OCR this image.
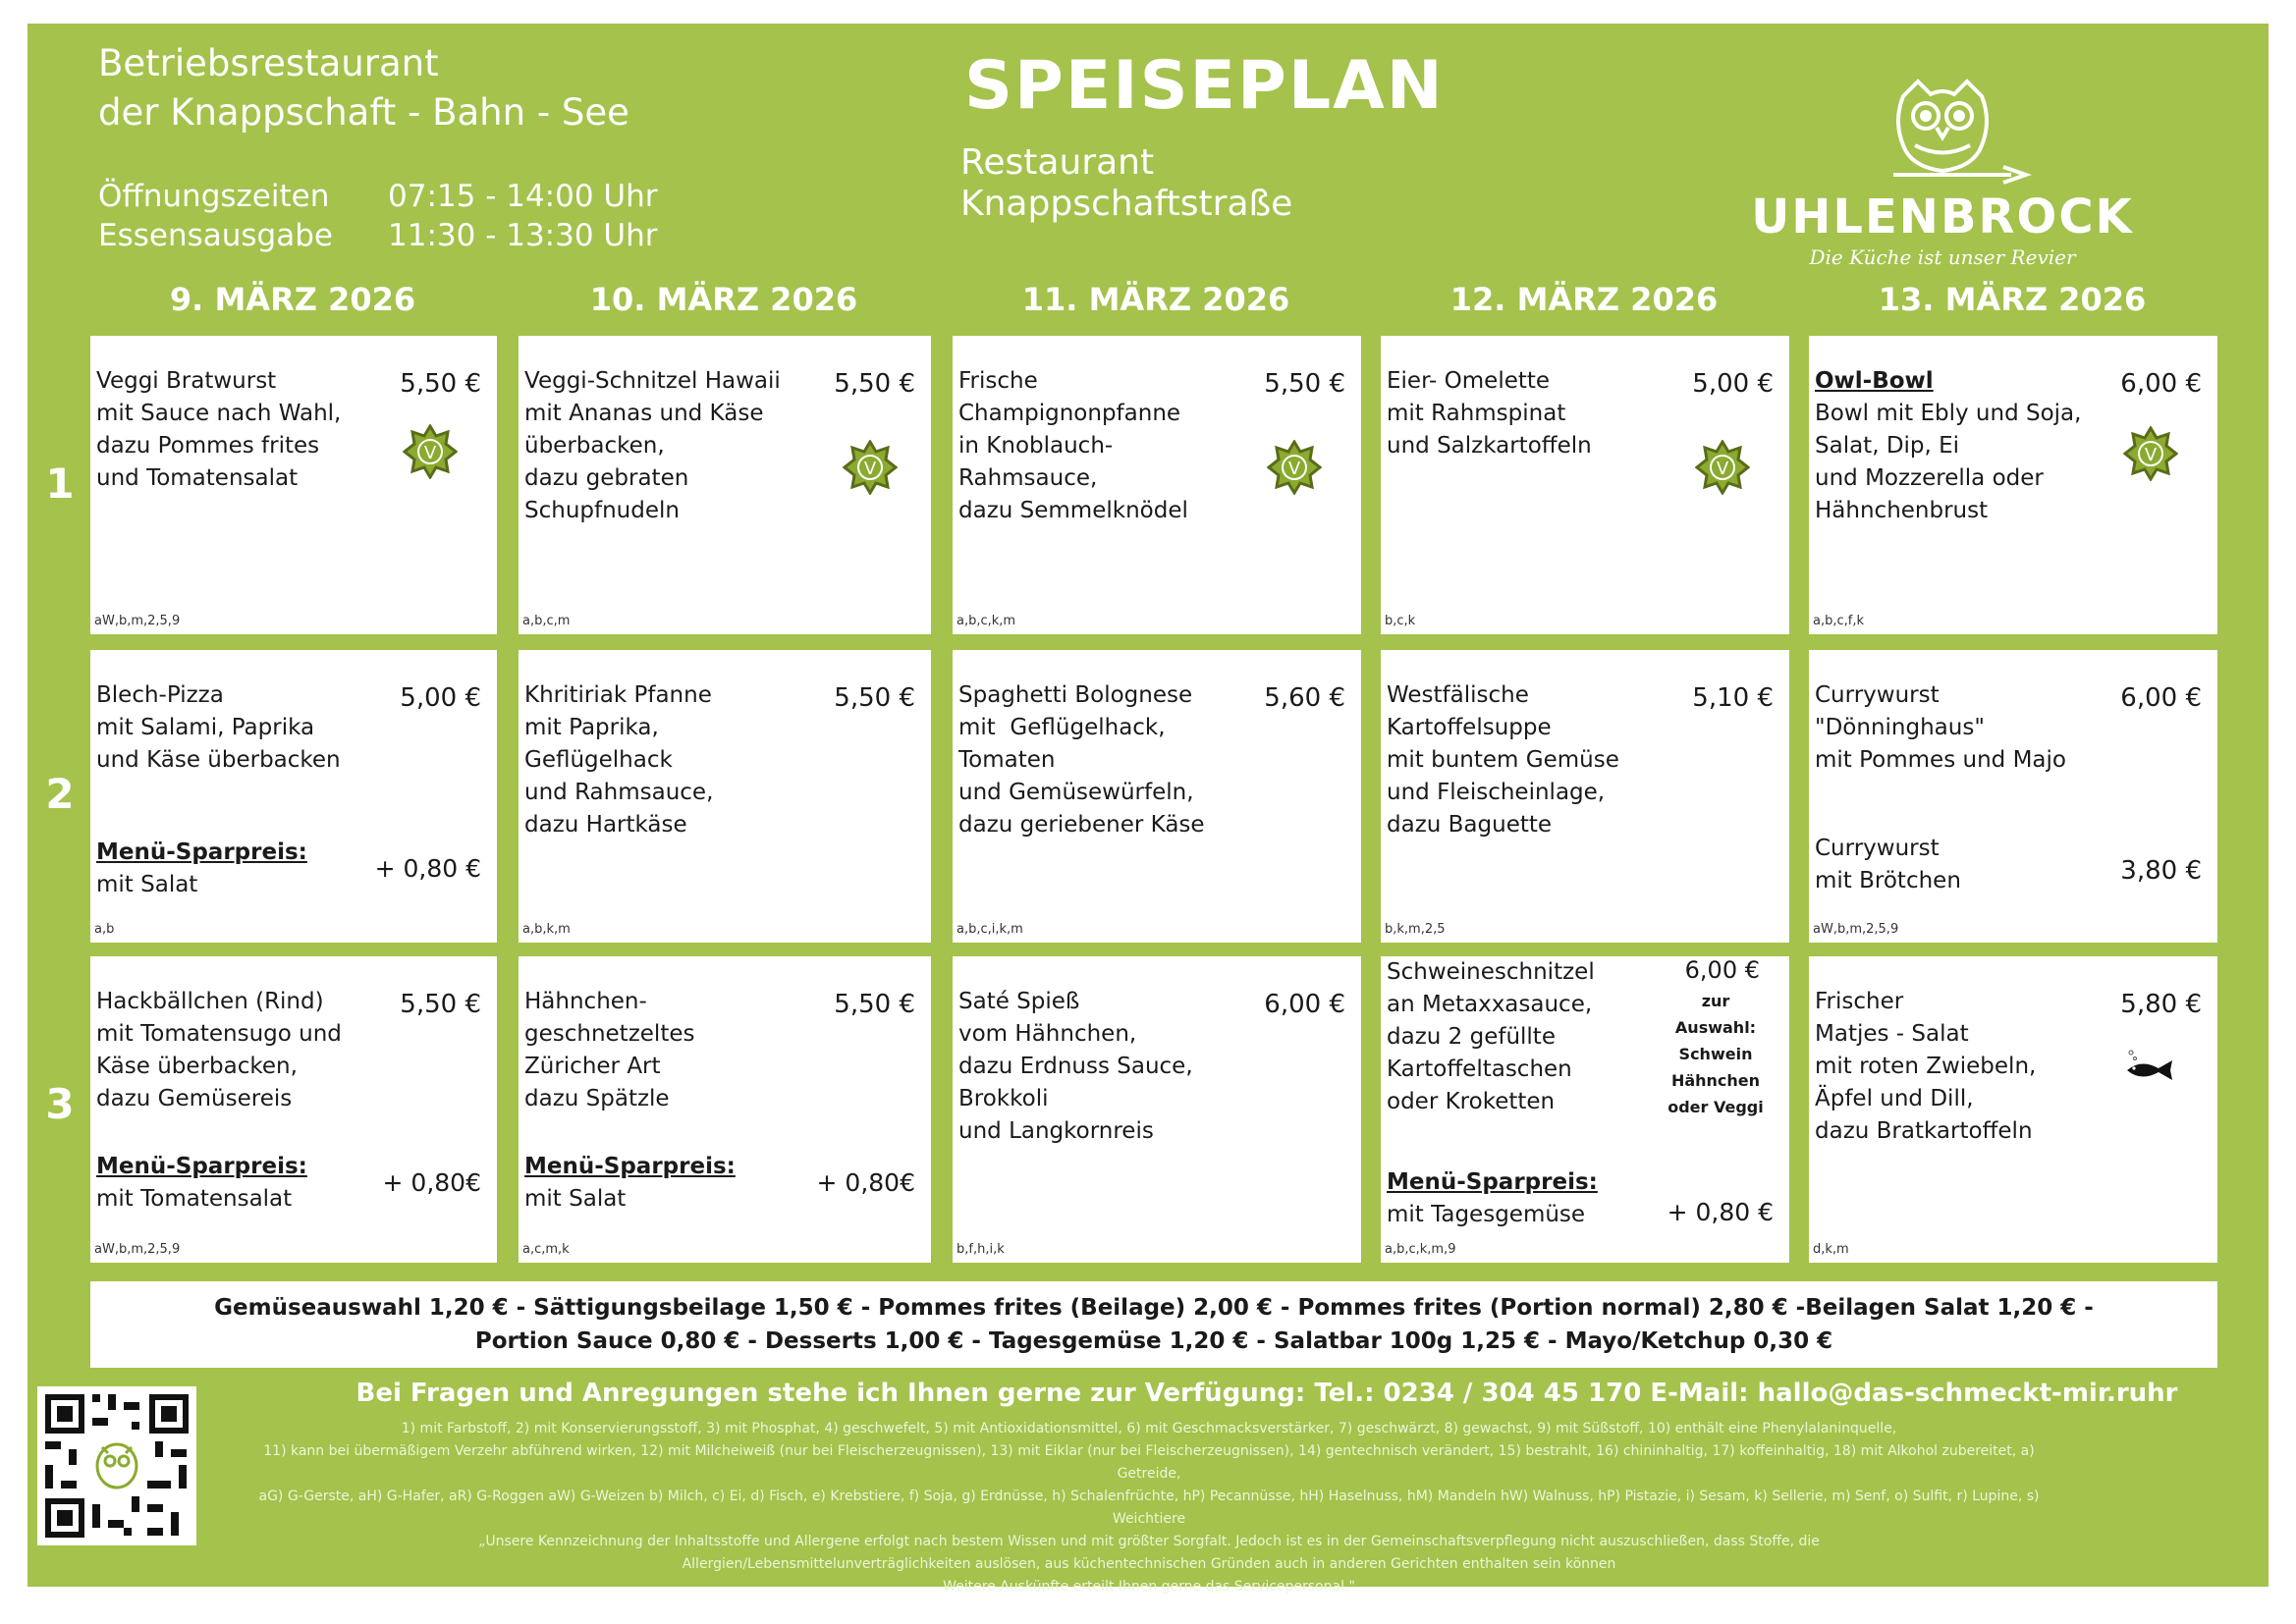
Betriebsrestaurant
der Knappschaft - Bahn - See
Öffnungszeiten	07:15 - 14:00 Uhr
Essensausgabe	11:30 - 13:30 Uhr
SPEISEPLAN
Restaurant
Knappschaftstraße	UHLENBROCK
Die Küche ist unser Revier
9. MÄRZ 2026	10. MÄRZ 2026	11. MÄRZ 2026	12. MÄRZ 2026	13. MÄRZ 2026
1
2
3
Veggi Bratwurst
mit Sauce nach Wahl,
dazu Pommes frites
und Tomatensalat
5,50 €
V
aW,b,m,2,5,9
Veggi-Schnitzel Hawaii
mit Ananas und Käse
überbacken,
dazu gebraten
Schupfnudeln
5,50 €
V
a,b,c,m
Frische
Champignonpfanne
in Knoblauch-
Rahmsauce,
dazu Semmelknödel
5,50 €
V
a,b,c,k,m
Eier- Omelette
mit Rahmspinat
und Salzkartoffeln
5,00 €
V
b,c,k
Owl-Bowl

Bowl mit Ebly und Soja,
Salat, Dip, Ei
und Mozzerella oder
Hähnchenbrust
6,00 €
V
a,b,c,f,k
Blech-Pizza
mit Salami, Paprika
und Käse überbacken
5,00 €
Menü-Sparpreis:
mit Salat
+ 0,80 €
a,b
Khritiriak Pfanne
mit Paprika,
Geflügelhack
und Rahmsauce,
dazu Hartkäse
5,50 €
a,b,k,m
Spaghetti Bolognese
mit  Geflügelhack,
Tomaten
und Gemüsewürfeln,
dazu geriebener Käse
5,60 €
a,b,c,i,k,m
Westfälische
Kartoffelsuppe
mit buntem Gemüse
und Fleischeinlage,
dazu Baguette
5,10 €
b,k,m,2,5
Currywurst
"Dönninghaus"
mit Pommes und Majo
6,00 €
Currywurst
mit Brötchen	3,80 €
aW,b,m,2,5,9
Hackbällchen (Rind)
mit Tomatensugo und
Käse überbacken,
dazu Gemüsereis
5,50 €
Menü-Sparpreis:
mit Tomatensalat
+ 0,80€
aW,b,m,2,5,9
Hähnchen-
geschnetzeltes
Züricher Art
dazu Spätzle
5,50 €
Menü-Sparpreis:
mit Salat
+ 0,80€
a,c,m,k
Saté Spieß
vom Hähnchen,
dazu Erdnuss Sauce,
Brokkoli
und Langkornreis
6,00 €
b,f,h,i,k
Schweineschnitzel
an Metaxxasauce,
dazu 2 gefüllte
Kartoffeltaschen
oder Kroketten
6,00 €
zur
Auswahl:
Schwein
Hähnchen
oder Veggi
Menü-Sparpreis:
mit Tagesgemüse	+ 0,80 €
a,b,c,k,m,9
Frischer
Matjes - Salat
mit roten Zwiebeln,
Äpfel und Dill,
dazu Bratkartoffeln
5,80 €
d,k,m
Gemüseauswahl 1,20 € - Sättigungsbeilage 1,50 € - Pommes frites (Beilage) 2,00 € - Pommes frites (Portion normal) 2,80 € -Beilagen Salat 1,20 € -
Portion Sauce 0,80 € - Desserts 1,00 € - Tagesgemüse 1,20 € - Salatbar 100g 1,25 € - Mayo/Ketchup 0,30 €
Bei Fragen und Anregungen stehe ich Ihnen gerne zur Verfügung: Tel.: 0234 / 304 45 170 E-Mail: hallo@das-schmeckt-mir.ruhr
1) mit Farbstoff, 2) mit Konservierungsstoff, 3) mit Phosphat, 4) geschwefelt, 5) mit Antioxidationsmittel, 6) mit Geschmacksverstärker, 7) geschwärzt, 8) gewachst, 9) mit Süßstoff, 10) enthält eine Phenylalaninquelle,
11) kann bei übermäßigem Verzehr abführend wirken, 12) mit Milcheiweiß (nur bei Fleischerzeugnissen), 13) mit Eiklar (nur bei Fleischerzeugnissen), 14) gentechnisch verändert, 15) bestrahlt, 16) chininhaltig, 17) koffeinhaltig, 18) mit Alkohol zubereitet, a) Getreide,
aG) G-Gerste, aH) G-Hafer, aR) G-Roggen aW) G-Weizen b) Milch, c) Ei, d) Fisch, e) Krebstiere, f) Soja, g) Erdnüsse, h) Schalenfrüchte, hP) Pecannüsse, hH) Haselnuss, hM) Mandeln hW) Walnuss, hP) Pistazie, i) Sesam, k) Sellerie, m) Senf, o) Sulfit, r) Lupine, s)
Weichtiere
„Unsere Kennzeichnung der Inhaltsstoffe und Allergene erfolgt nach bestem Wissen und mit größter Sorgfalt. Jedoch ist es in der Gemeinschaftsverpflegung nicht auszuschließen, dass Stoffe, die
Allergien/Lebensmittelunverträglichkeiten auslösen, aus küchentechnischen Gründen auch in anderen Gerichten enthalten sein können
Weitere Auskünfte erteilt Ihnen gerne das Servicepersonal."
